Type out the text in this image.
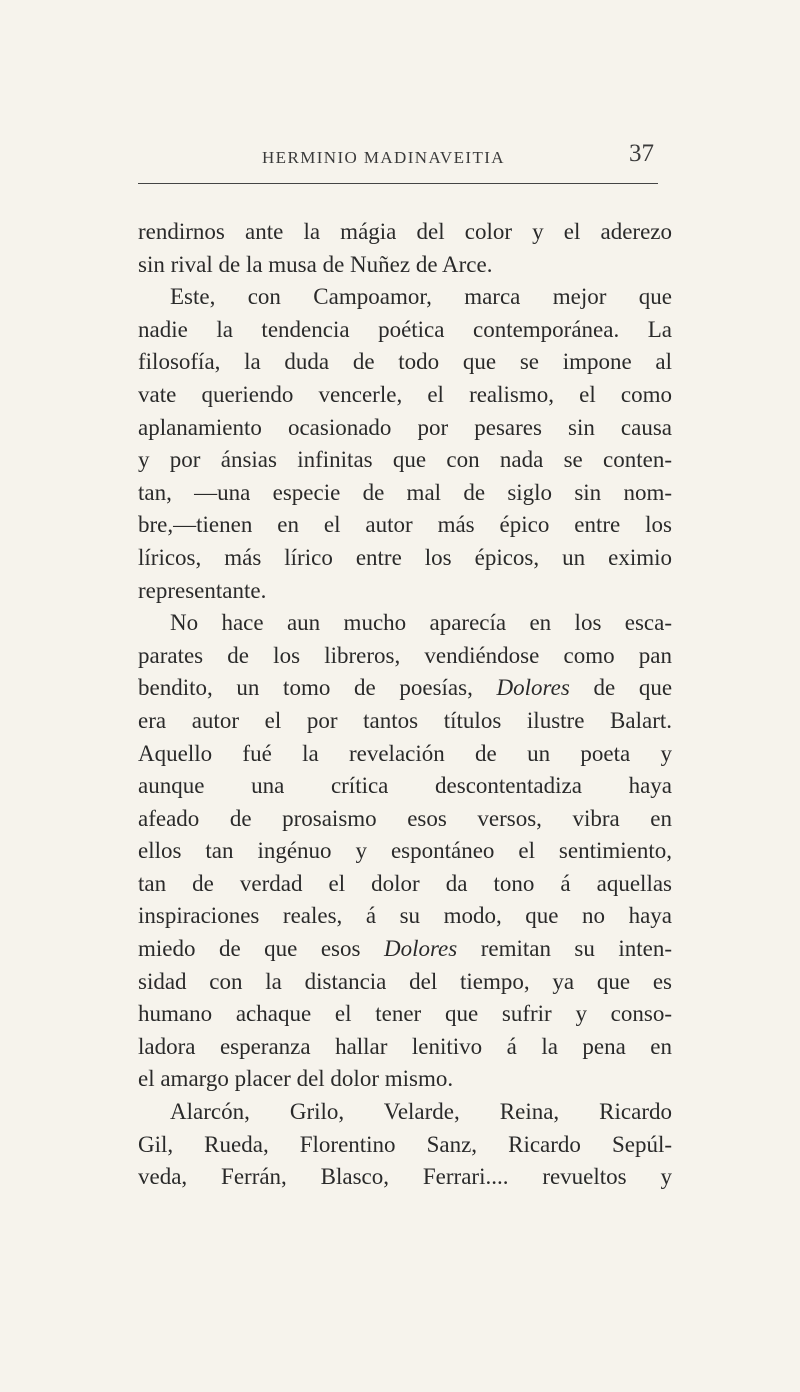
HERMINIO MADINAVEITIA	37
rendirnos ante la mágia del color y el aderezo
sin rival de la musa de Nuñez de Arce.
Este, con Campoamor, marca mejor que
nadie la tendencia poética contemporánea. La
filosofía, la duda de todo que se impone al
vate queriendo vencerle, el realismo, el como
aplanamiento ocasionado por pesares sin causa
y por ánsias infinitas que con nada se conten-
tan, —una especie de mal de siglo sin nom-
bre,—tienen en el autor más épico entre los
líricos, más lírico entre los épicos, un eximio
representante.
No hace aun mucho aparecía en los esca-
parates de los libreros, vendiéndose como pan
bendito, un tomo de poesías, Dolores de que
era autor el por tantos títulos ilustre Balart.
Aquello fué la revelación de un poeta y
aunque una crítica descontentadiza haya
afeado de prosaismo esos versos, vibra en
ellos tan ingénuo y espontáneo el sentimiento,
tan de verdad el dolor da tono á aquellas
inspiraciones reales, á su modo, que no haya
miedo de que esos Dolores remitan su inten-
sidad con la distancia del tiempo, ya que es
humano achaque el tener que sufrir y conso-
ladora esperanza hallar lenitivo á la pena en
el amargo placer del dolor mismo.
Alarcón, Grilo, Velarde, Reina, Ricardo
Gil, Rueda, Florentino Sanz, Ricardo Sepúl-
veda, Ferrán, Blasco, Ferrari.... revueltos y
